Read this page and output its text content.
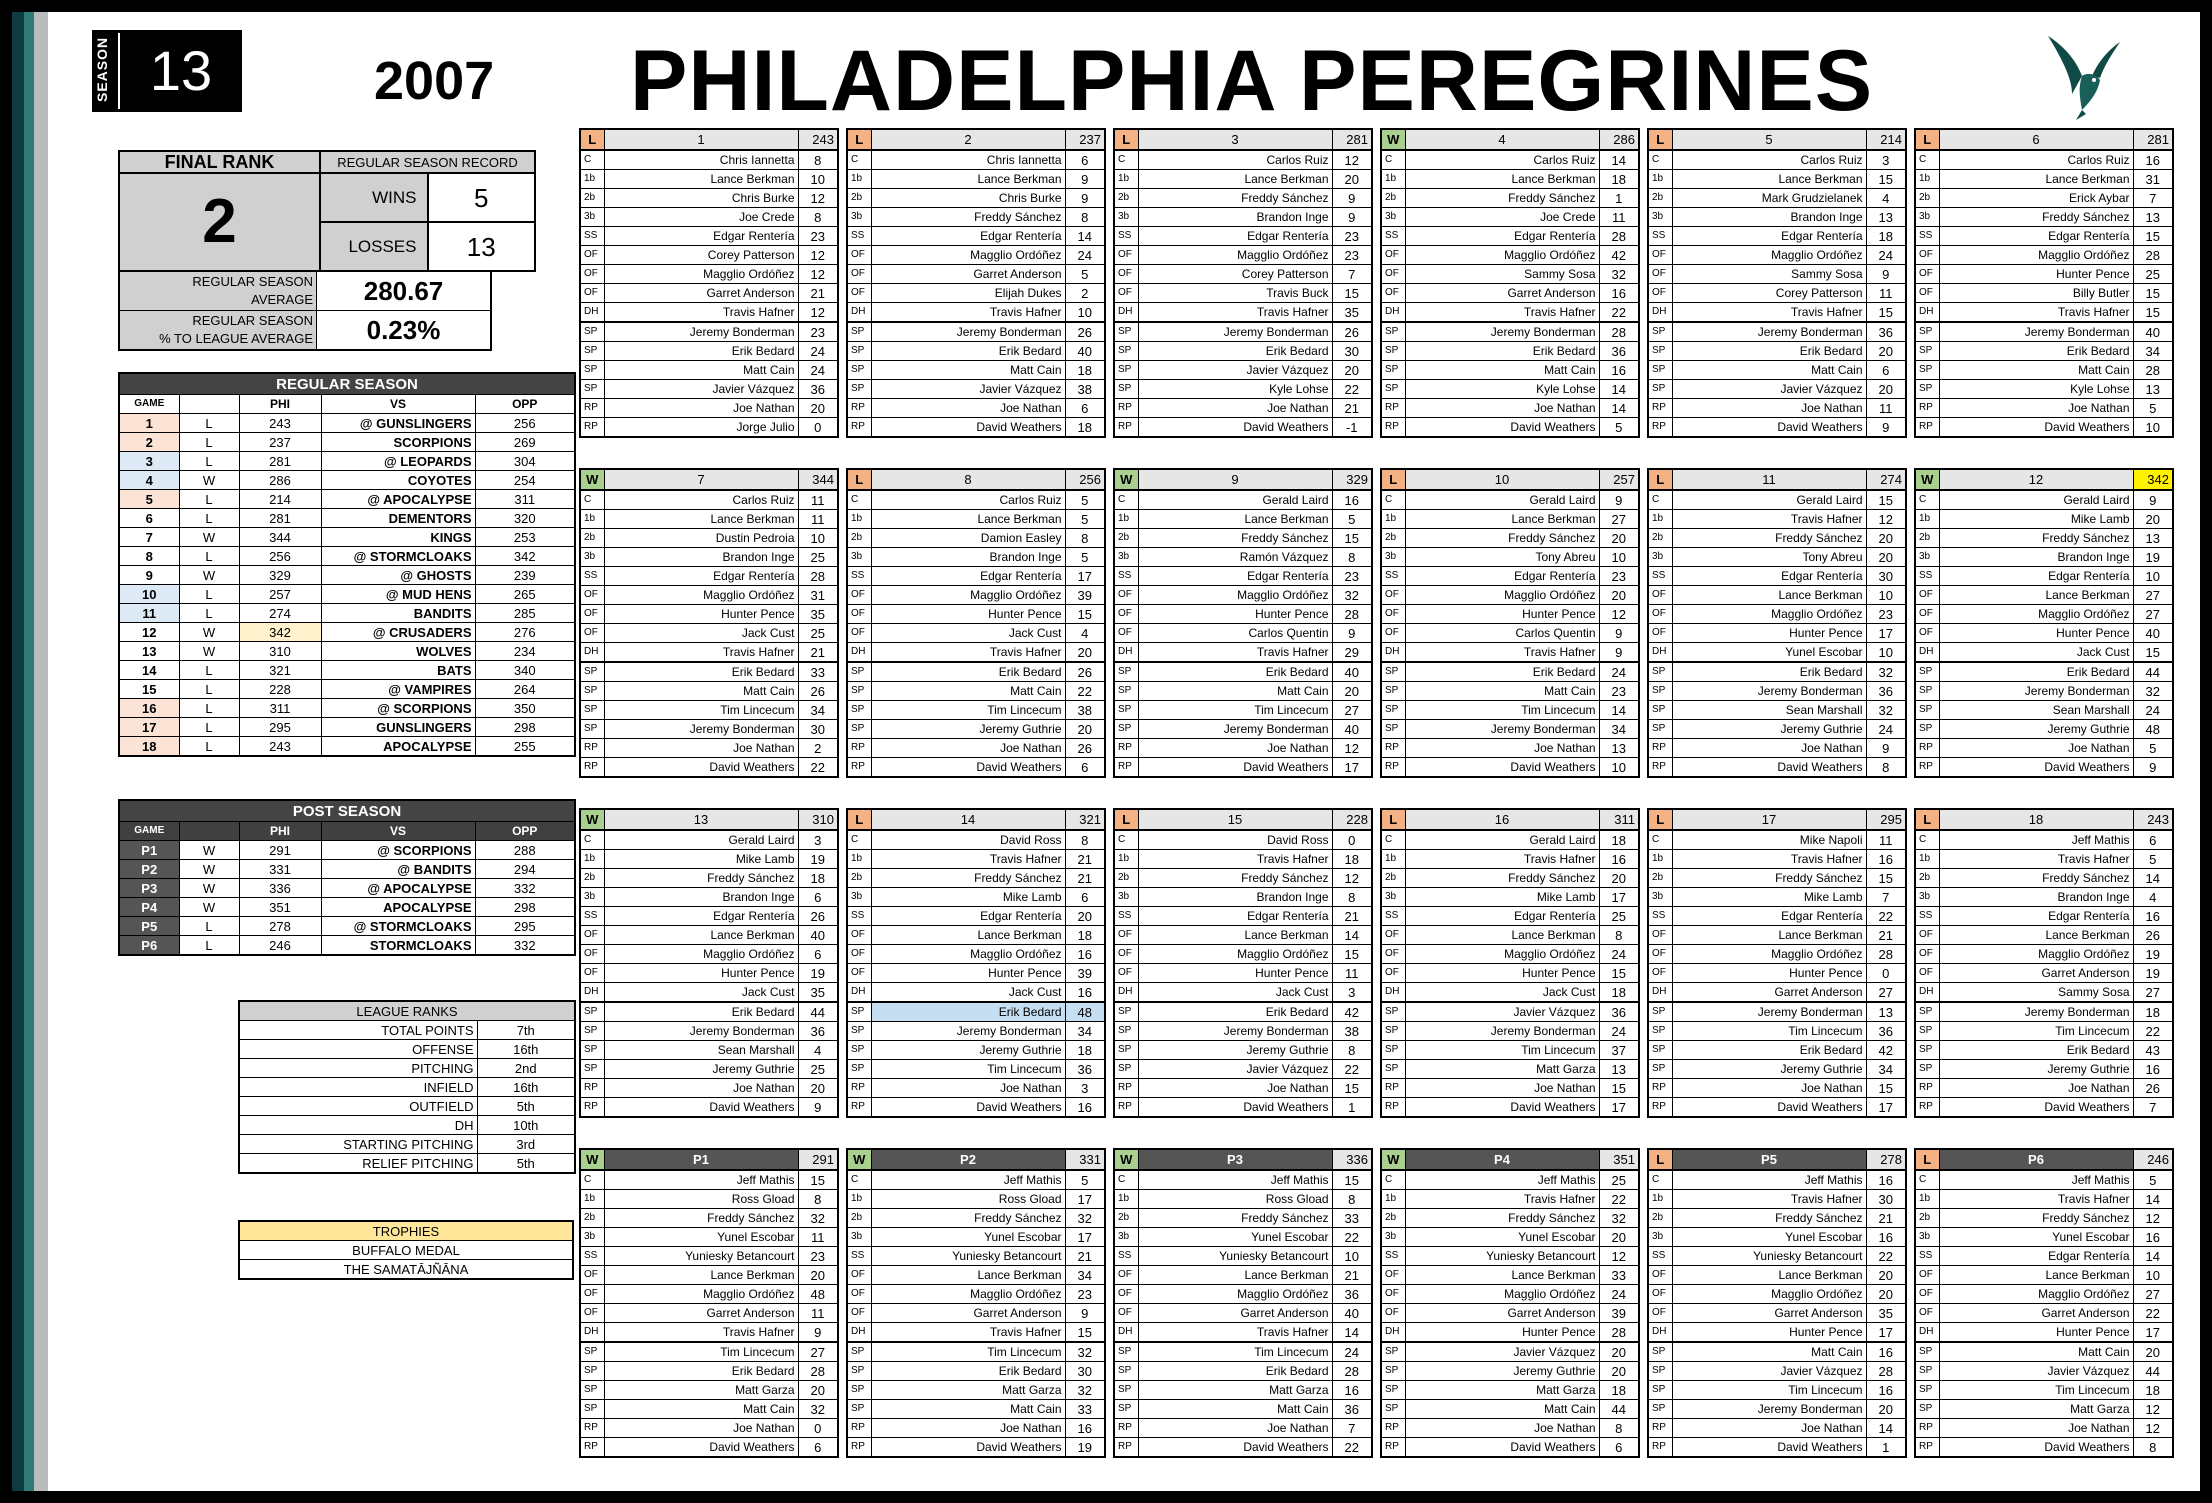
SEASON 13	2007 PHILADELPHIA PEREGRINES
FINAL RANK	REGULAR SEASON RECORD	
2	WINS	5
	LOSSES	13
REGULAR SEASON
AVERAGE	280.67
REGULAR SEASON
% TO LEAGUE AVERAGE	0.23%
REGULAR SEASON				
GAME		PHI	VS	OPP
1	L	243	@ GUNSLINGERS	256
2	L	237	SCORPIONS	269
3	L	281	@ LEOPARDS	304
4	W	286	COYOTES	254
5	L	214	@ APOCALYPSE	311
6	L	281	DEMENTORS	320
7	W	344	KINGS	253
8	L	256	@ STORMCLOAKS	342
9	W	329	@ GHOSTS	239
10	L	257	@ MUD HENS	265
11	L	274	BANDITS	285
12	W	342	@ CRUSADERS	276
13	W	310	WOLVES	234
14	L	321	BATS	340
15	L	228	@ VAMPIRES	264
16	L	311	@ SCORPIONS	350
17	L	295	GUNSLINGERS	298
18	L	243	APOCALYPSE	255
POST SEASON				
GAME		PHI	VS	OPP
P1	W	291	@ SCORPIONS	288
P2	W	331	@ BANDITS	294
P3	W	336	@ APOCALYPSE	332
P4	W	351	APOCALYPSE	298
P5	L	278	@ STORMCLOAKS	295
P6	L	246	STORMCLOAKS	332
LEAGUE RANKS	
TOTAL POINTS	7th
OFFENSE	16th
PITCHING	2nd
INFIELD	16th
OUTFIELD	5th
DH	10th
STARTING PITCHING	3rd
RELIEF PITCHING	5th
TROPHIES
BUFFALO MEDAL
THE SAMATĀJÑĀNA
L	1	243
C	Chris Iannetta	8
1b	Lance Berkman	10
2b	Chris Burke	12
3b	Joe Crede	8
SS	Edgar Rentería	23
OF	Corey Patterson	12
OF	Magglio Ordóñez	12
OF	Garret Anderson	21
DH	Travis Hafner	12
SP	Jeremy Bonderman	23
SP	Erik Bedard	24
SP	Matt Cain	24
SP	Javier Vázquez	36
RP	Joe Nathan	20
RP	Jorge Julio	0
L	2	237
C	Chris Iannetta	6
1b	Lance Berkman	9
2b	Chris Burke	9
3b	Freddy Sánchez	8
SS	Edgar Rentería	14
OF	Magglio Ordóñez	24
OF	Garret Anderson	5
OF	Elijah Dukes	2
DH	Travis Hafner	10
SP	Jeremy Bonderman	26
SP	Erik Bedard	40
SP	Matt Cain	18
SP	Javier Vázquez	38
RP	Joe Nathan	6
RP	David Weathers	18
L	3	281
C	Carlos Ruiz	12
1b	Lance Berkman	20
2b	Freddy Sánchez	9
3b	Brandon Inge	9
SS	Edgar Rentería	23
OF	Magglio Ordóñez	23
OF	Corey Patterson	7
OF	Travis Buck	15
DH	Travis Hafner	35
SP	Jeremy Bonderman	26
SP	Erik Bedard	30
SP	Javier Vázquez	20
SP	Kyle Lohse	22
RP	Joe Nathan	21
RP	David Weathers	-1
W	4	286
C	Carlos Ruiz	14
1b	Lance Berkman	18
2b	Freddy Sánchez	1
3b	Joe Crede	11
SS	Edgar Rentería	28
OF	Magglio Ordóñez	42
OF	Sammy Sosa	32
OF	Garret Anderson	16
DH	Travis Hafner	22
SP	Jeremy Bonderman	28
SP	Erik Bedard	36
SP	Matt Cain	16
SP	Kyle Lohse	14
RP	Joe Nathan	14
RP	David Weathers	5
L	5	214
C	Carlos Ruiz	3
1b	Lance Berkman	15
2b	Mark Grudzielanek	4
3b	Brandon Inge	13
SS	Edgar Rentería	18
OF	Magglio Ordóñez	24
OF	Sammy Sosa	9
OF	Corey Patterson	11
DH	Travis Hafner	15
SP	Jeremy Bonderman	36
SP	Erik Bedard	20
SP	Matt Cain	6
SP	Javier Vázquez	20
RP	Joe Nathan	11
RP	David Weathers	9
L	6	281
C	Carlos Ruiz	16
1b	Lance Berkman	31
2b	Erick Aybar	7
3b	Freddy Sánchez	13
SS	Edgar Rentería	15
OF	Magglio Ordóñez	28
OF	Hunter Pence	25
OF	Billy Butler	15
DH	Travis Hafner	15
SP	Jeremy Bonderman	40
SP	Erik Bedard	34
SP	Matt Cain	28
SP	Kyle Lohse	13
RP	Joe Nathan	5
RP	David Weathers	10
W	7	344
C	Carlos Ruiz	11
1b	Lance Berkman	11
2b	Dustin Pedroia	10
3b	Brandon Inge	25
SS	Edgar Rentería	28
OF	Magglio Ordóñez	31
OF	Hunter Pence	35
OF	Jack Cust	25
DH	Travis Hafner	21
SP	Erik Bedard	33
SP	Matt Cain	26
SP	Tim Lincecum	34
SP	Jeremy Bonderman	30
RP	Joe Nathan	2
RP	David Weathers	22
L	8	256
C	Carlos Ruiz	5
1b	Lance Berkman	5
2b	Damion Easley	8
3b	Brandon Inge	5
SS	Edgar Rentería	17
OF	Magglio Ordóñez	39
OF	Hunter Pence	15
OF	Jack Cust	4
DH	Travis Hafner	20
SP	Erik Bedard	26
SP	Matt Cain	22
SP	Tim Lincecum	38
SP	Jeremy Guthrie	20
RP	Joe Nathan	26
RP	David Weathers	6
W	9	329
C	Gerald Laird	16
1b	Lance Berkman	5
2b	Freddy Sánchez	15
3b	Ramón Vázquez	8
SS	Edgar Rentería	23
OF	Magglio Ordóñez	32
OF	Hunter Pence	28
OF	Carlos Quentin	9
DH	Travis Hafner	29
SP	Erik Bedard	40
SP	Matt Cain	20
SP	Tim Lincecum	27
SP	Jeremy Bonderman	40
RP	Joe Nathan	12
RP	David Weathers	17
L	10	257
C	Gerald Laird	9
1b	Lance Berkman	27
2b	Freddy Sánchez	20
3b	Tony Abreu	10
SS	Edgar Rentería	23
OF	Magglio Ordóñez	20
OF	Hunter Pence	12
OF	Carlos Quentin	9
DH	Travis Hafner	9
SP	Erik Bedard	24
SP	Matt Cain	23
SP	Tim Lincecum	14
SP	Jeremy Bonderman	34
RP	Joe Nathan	13
RP	David Weathers	10
L	11	274
C	Gerald Laird	15
1b	Travis Hafner	12
2b	Freddy Sánchez	20
3b	Tony Abreu	20
SS	Edgar Rentería	30
OF	Lance Berkman	10
OF	Magglio Ordóñez	23
OF	Hunter Pence	17
DH	Yunel Escobar	10
SP	Erik Bedard	32
SP	Jeremy Bonderman	36
SP	Sean Marshall	32
SP	Jeremy Guthrie	24
RP	Joe Nathan	9
RP	David Weathers	8
W	12	342
C	Gerald Laird	9
1b	Mike Lamb	20
2b	Freddy Sánchez	13
3b	Brandon Inge	19
SS	Edgar Rentería	10
OF	Lance Berkman	27
OF	Magglio Ordóñez	27
OF	Hunter Pence	40
DH	Jack Cust	15
SP	Erik Bedard	44
SP	Jeremy Bonderman	32
SP	Sean Marshall	24
SP	Jeremy Guthrie	48
RP	Joe Nathan	5
RP	David Weathers	9
W	13	310
C	Gerald Laird	3
1b	Mike Lamb	19
2b	Freddy Sánchez	18
3b	Brandon Inge	6
SS	Edgar Rentería	26
OF	Lance Berkman	40
OF	Magglio Ordóñez	6
OF	Hunter Pence	19
DH	Jack Cust	35
SP	Erik Bedard	44
SP	Jeremy Bonderman	36
SP	Sean Marshall	4
SP	Jeremy Guthrie	25
RP	Joe Nathan	20
RP	David Weathers	9
L	14	321
C	David Ross	8
1b	Travis Hafner	21
2b	Freddy Sánchez	21
3b	Mike Lamb	6
SS	Edgar Rentería	20
OF	Lance Berkman	18
OF	Magglio Ordóñez	16
OF	Hunter Pence	39
DH	Jack Cust	16
SP	Erik Bedard	48
SP	Jeremy Bonderman	34
SP	Jeremy Guthrie	18
SP	Tim Lincecum	36
RP	Joe Nathan	3
RP	David Weathers	16
L	15	228
C	David Ross	0
1b	Travis Hafner	18
2b	Freddy Sánchez	12
3b	Brandon Inge	8
SS	Edgar Rentería	21
OF	Lance Berkman	14
OF	Magglio Ordóñez	15
OF	Hunter Pence	11
DH	Jack Cust	3
SP	Erik Bedard	42
SP	Jeremy Bonderman	38
SP	Jeremy Guthrie	8
SP	Javier Vázquez	22
RP	Joe Nathan	15
RP	David Weathers	1
L	16	311
C	Gerald Laird	18
1b	Travis Hafner	16
2b	Freddy Sánchez	20
3b	Mike Lamb	17
SS	Edgar Rentería	25
OF	Lance Berkman	8
OF	Magglio Ordóñez	24
OF	Hunter Pence	15
DH	Jack Cust	18
SP	Javier Vázquez	36
SP	Jeremy Bonderman	24
SP	Tim Lincecum	37
SP	Matt Garza	13
RP	Joe Nathan	15
RP	David Weathers	17
L	17	295
C	Mike Napoli	11
1b	Travis Hafner	16
2b	Freddy Sánchez	15
3b	Mike Lamb	7
SS	Edgar Rentería	22
OF	Lance Berkman	21
OF	Magglio Ordóñez	28
OF	Hunter Pence	0
DH	Garret Anderson	27
SP	Jeremy Bonderman	13
SP	Tim Lincecum	36
SP	Erik Bedard	42
SP	Jeremy Guthrie	34
RP	Joe Nathan	15
RP	David Weathers	17
L	18	243
C	Jeff Mathis	6
1b	Travis Hafner	5
2b	Freddy Sánchez	14
3b	Brandon Inge	4
SS	Edgar Rentería	16
OF	Lance Berkman	26
OF	Magglio Ordóñez	19
OF	Garret Anderson	19
DH	Sammy Sosa	27
SP	Jeremy Bonderman	18
SP	Tim Lincecum	22
SP	Erik Bedard	43
SP	Jeremy Guthrie	16
RP	Joe Nathan	26
RP	David Weathers	7
W	P1	291
C	Jeff Mathis	15
1b	Ross Gload	8
2b	Freddy Sánchez	32
3b	Yunel Escobar	11
SS	Yuniesky Betancourt	23
OF	Lance Berkman	20
OF	Magglio Ordóñez	48
OF	Garret Anderson	11
DH	Travis Hafner	9
SP	Tim Lincecum	27
SP	Erik Bedard	28
SP	Matt Garza	20
SP	Matt Cain	32
RP	Joe Nathan	0
RP	David Weathers	6
W	P2	331
C	Jeff Mathis	5
1b	Ross Gload	17
2b	Freddy Sánchez	32
3b	Yunel Escobar	17
SS	Yuniesky Betancourt	21
OF	Lance Berkman	34
OF	Magglio Ordóñez	23
OF	Garret Anderson	9
DH	Travis Hafner	15
SP	Tim Lincecum	32
SP	Erik Bedard	30
SP	Matt Garza	32
SP	Matt Cain	33
RP	Joe Nathan	16
RP	David Weathers	19
W	P3	336
C	Jeff Mathis	15
1b	Ross Gload	8
2b	Freddy Sánchez	33
3b	Yunel Escobar	22
SS	Yuniesky Betancourt	10
OF	Lance Berkman	21
OF	Magglio Ordóñez	36
OF	Garret Anderson	40
DH	Travis Hafner	14
SP	Tim Lincecum	24
SP	Erik Bedard	28
SP	Matt Garza	16
SP	Matt Cain	36
RP	Joe Nathan	7
RP	David Weathers	22
W	P4	351
C	Jeff Mathis	25
1b	Travis Hafner	22
2b	Freddy Sánchez	32
3b	Yunel Escobar	20
SS	Yuniesky Betancourt	12
OF	Lance Berkman	33
OF	Magglio Ordóñez	24
OF	Garret Anderson	39
DH	Hunter Pence	28
SP	Javier Vázquez	20
SP	Jeremy Guthrie	20
SP	Matt Garza	18
SP	Matt Cain	44
RP	Joe Nathan	8
RP	David Weathers	6
L	P5	278
C	Jeff Mathis	16
1b	Travis Hafner	30
2b	Freddy Sánchez	21
3b	Yunel Escobar	16
SS	Yuniesky Betancourt	22
OF	Lance Berkman	20
OF	Magglio Ordóñez	20
OF	Garret Anderson	35
DH	Hunter Pence	17
SP	Matt Cain	16
SP	Javier Vázquez	28
SP	Tim Lincecum	16
SP	Jeremy Bonderman	20
RP	Joe Nathan	14
RP	David Weathers	1
L	P6	246
C	Jeff Mathis	5
1b	Travis Hafner	14
2b	Freddy Sánchez	12
3b	Yunel Escobar	16
SS	Edgar Rentería	14
OF	Lance Berkman	10
OF	Magglio Ordóñez	27
OF	Garret Anderson	22
DH	Hunter Pence	17
SP	Matt Cain	20
SP	Javier Vázquez	44
SP	Tim Lincecum	18
SP	Matt Garza	12
RP	Joe Nathan	12
RP	David Weathers	8
